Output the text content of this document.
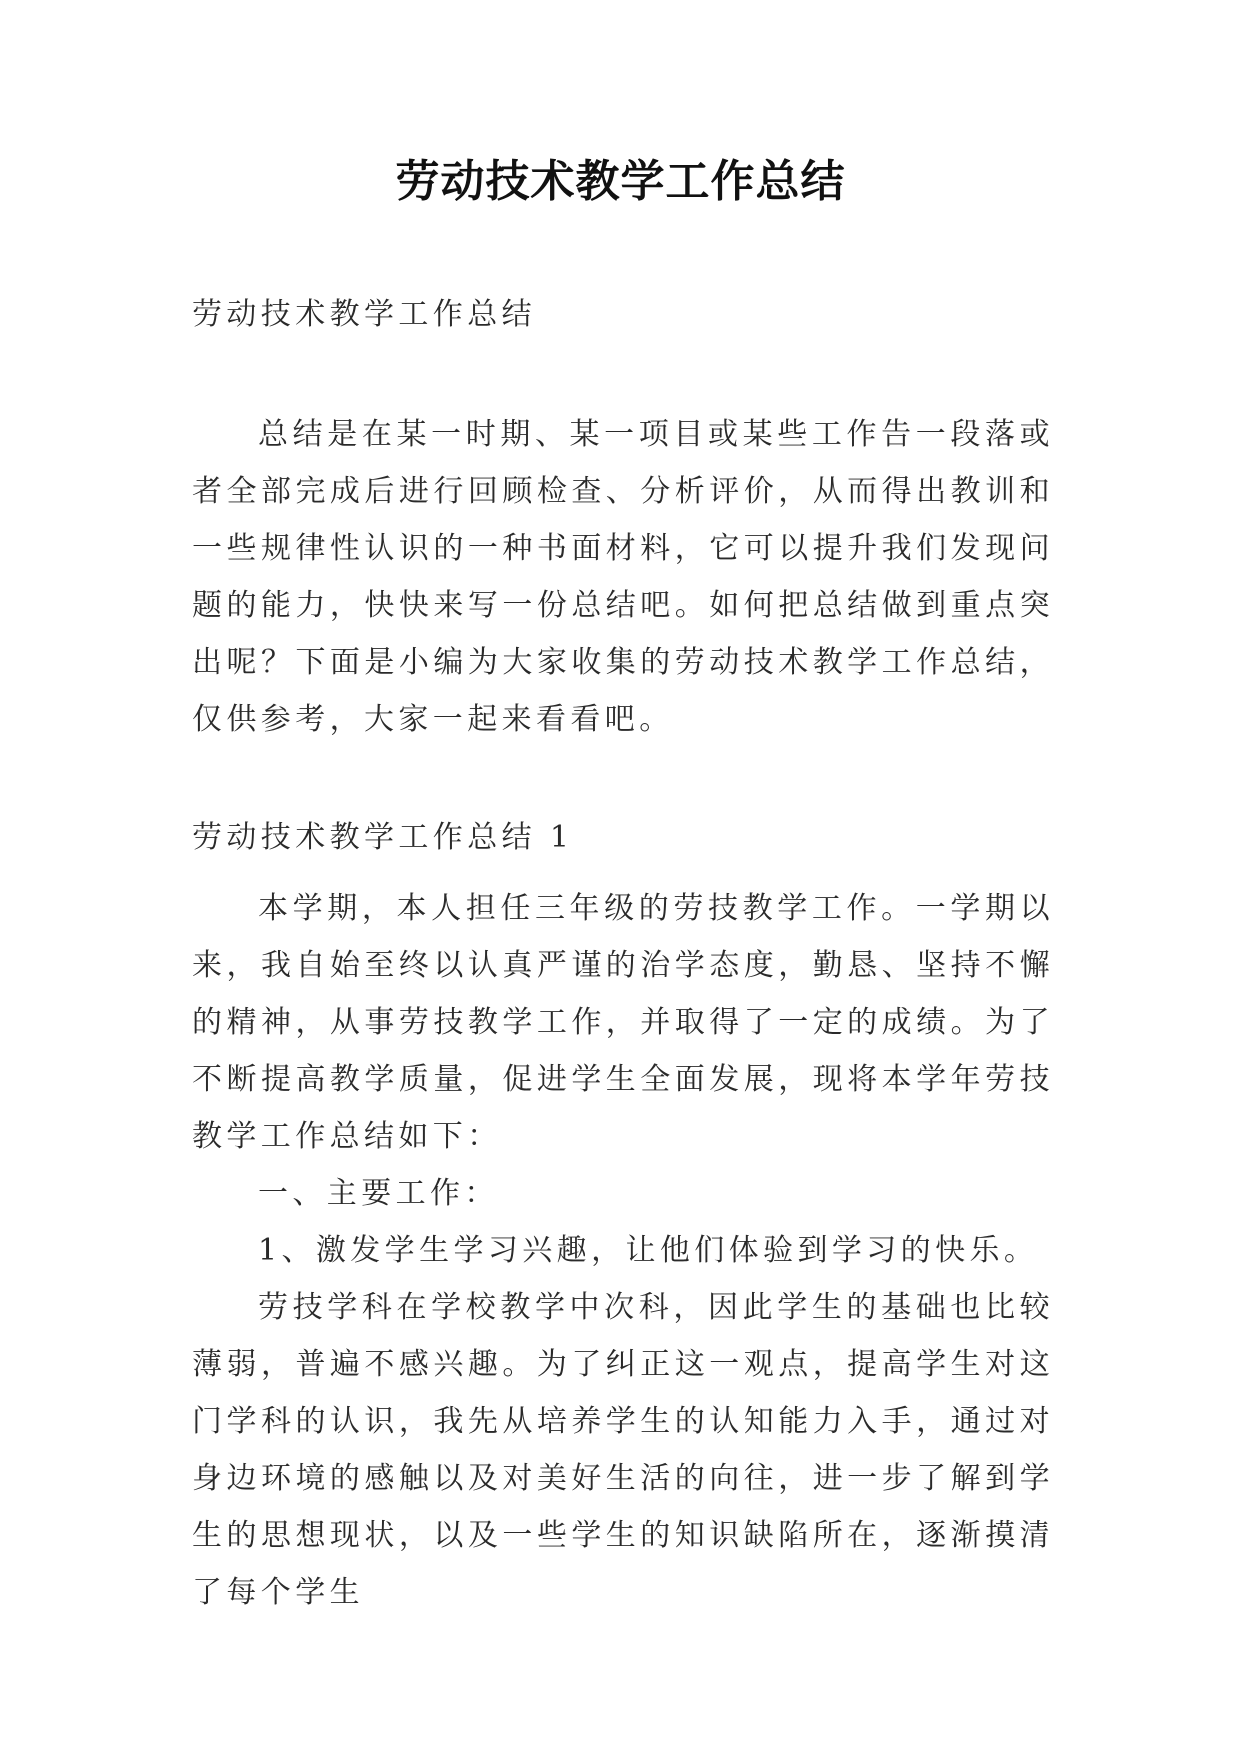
劳动技术教学工作总结
劳动技术教学工作总结

总结是在某一时期、某一项目或某些工作告一段落或者全部完成后进行回顾检查、分析评价，从而得出教训和一些规律性认识的一种书面材料，它可以提升我们发现问题的能力，快快来写一份总结吧。如何把总结做到重点突出呢？下面是小编为大家收集的劳动技术教学工作总结，仅供参考，大家一起来看看吧。

劳动技术教学工作总结 1

本学期，本人担任三年级的劳技教学工作。一学期以来，我自始至终以认真严谨的治学态度，勤恳、坚持不懈的精神，从事劳技教学工作，并取得了一定的成绩。为了不断提高教学质量，促进学生全面发展，现将本学年劳技教学工作总结如下：

一、主要工作：

1、激发学生学习兴趣，让他们体验到学习的快乐。

劳技学科在学校教学中次科，因此学生的基础也比较薄弱，普遍不感兴趣。为了纠正这一观点，提高学生对这门学科的认识，我先从培养学生的认知能力入手，通过对身边环境的感触以及对美好生活的向往，进一步了解到学生的思想现状，以及一些学生的知识缺陷所在，逐渐摸清了每个学生
